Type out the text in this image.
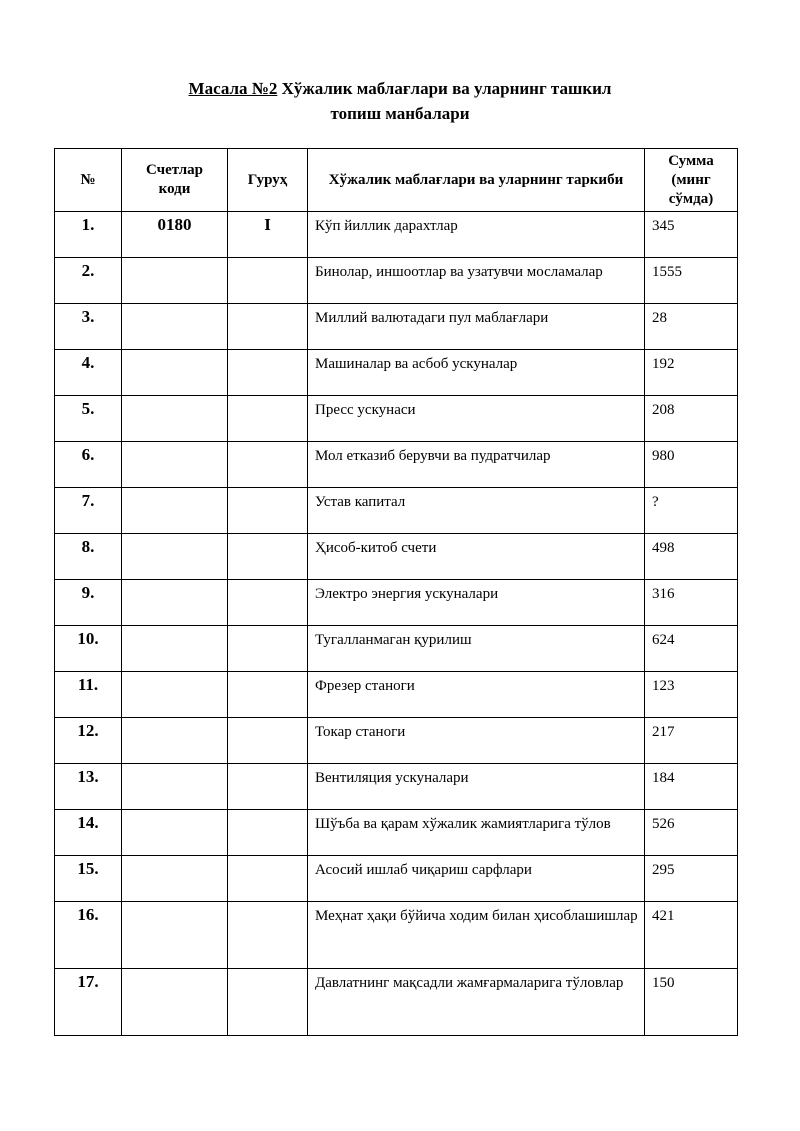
Масала №2 Хўжалик маблағлари ва уларнинг ташкил
топиш манбалари
№	Счетлар коди	Гуруҳ	Хўжалик маблағлари ва уларнинг таркиби	Сумма (минг сўмда)
1.	0180	I	Кўп йиллик дарахтлар	345
2.			Бинолар, иншоотлар ва узатувчи мосламалар	1555
3.			Миллий валютадаги пул маблағлари	28
4.			Машиналар ва асбоб ускуналар	192
5.			Пресс ускунаси	208
6.			Мол етказиб берувчи ва пудратчилар	980
7.			Устав капитал	?
8.			Ҳисоб-китоб счети	498
9.			Электро энергия ускуналари	316
10.			Тугалланмаган қурилиш	624
11.			Фрезер станоги	123
12.			Токар станоги	217
13.			Вентиляция ускуналари	184
14.			Шўъба ва қарам хўжалик жамиятларига тўлов	526
15.			Асосий ишлаб чиқариш сарфлари	295
16.			Меҳнат ҳақи бўйича ходим билан ҳисоблашишлар	421
17.			Давлатнинг мақсадли жамғармаларига тўловлар	150
